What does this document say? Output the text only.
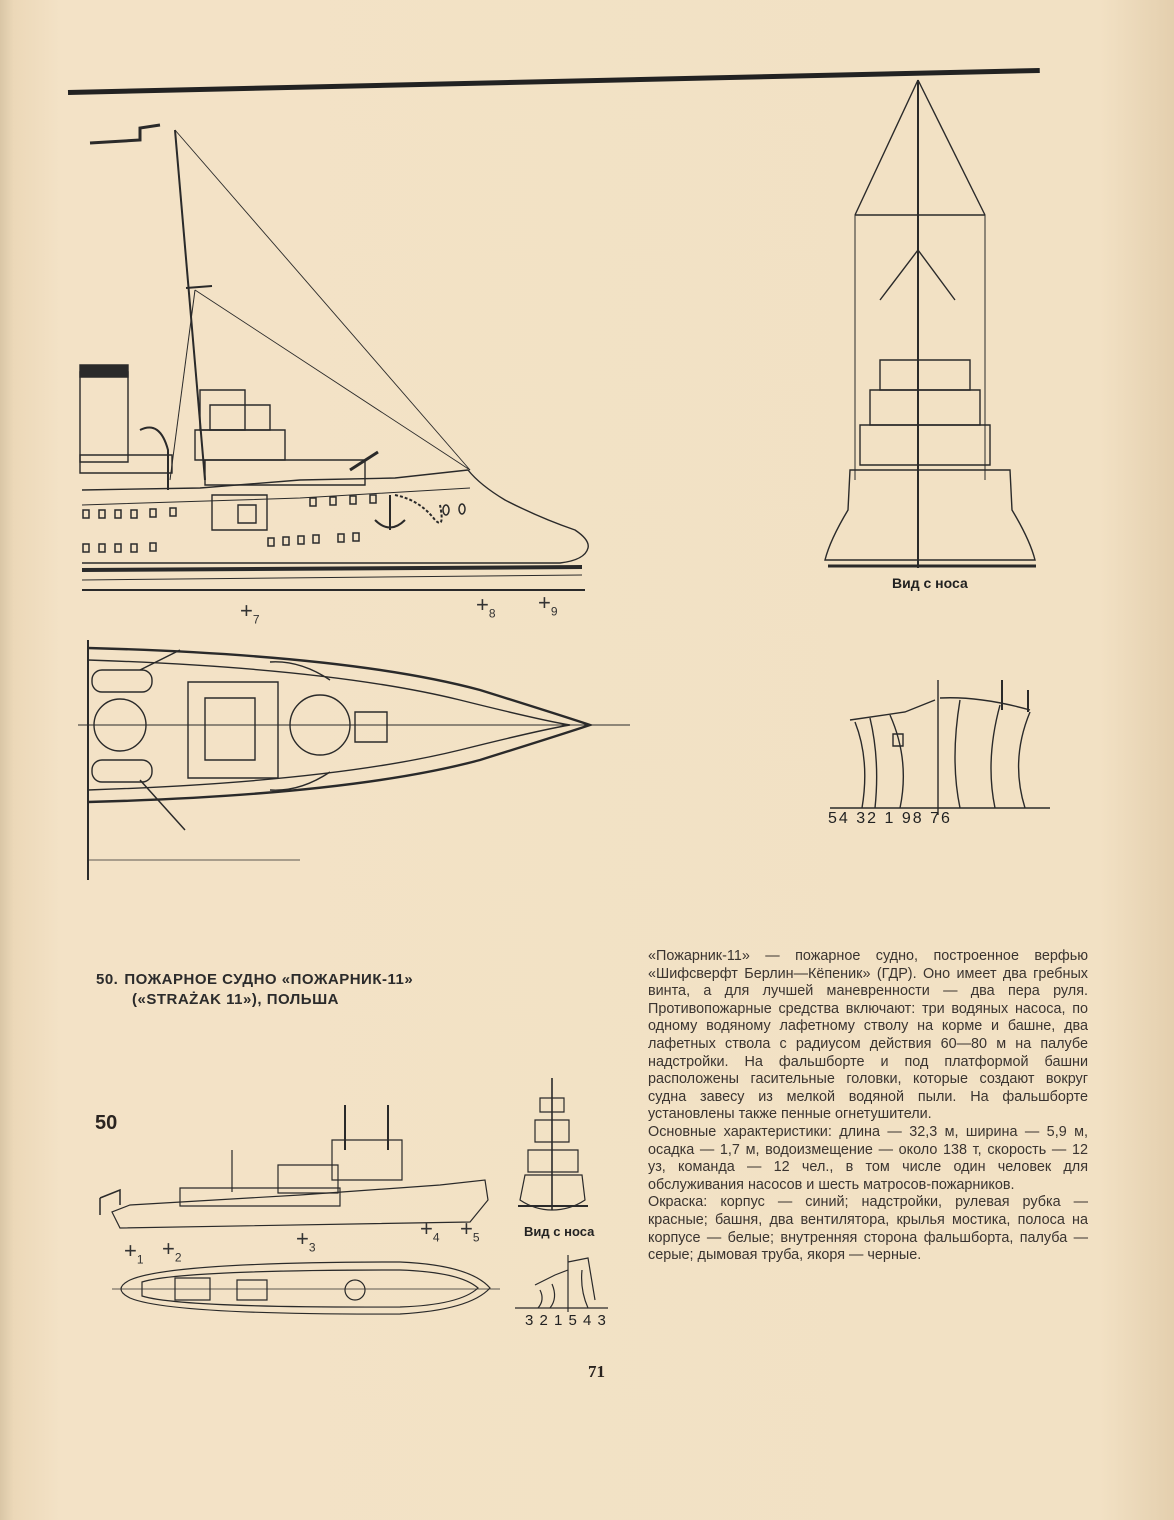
$+_7$
$+_8 +_9$
Вид с носа
54 32 1 98 76
50. ПОЖАРНОЕ СУДНО «ПОЖАРНИК-11»
(«STRAŻAK 11»), ПОЛЬША
50
$+_1 +_2$
$+_3$
$+_4 +_5$	Вид с носа
3 2 1 5 4 3

«Пожарник-11» — пожарное судно, построенное верфью «Шифсверфт Берлин—Кёпеник» (ГДР). Оно имеет два гребных винта, а для лучшей маневренности — два пера руля. Противопожарные средства включают: три водяных насоса, по одному водяному лафетному стволу на корме и башне, два лафетных ствола с радиусом действия 60—80 м на палубе надстройки. На фальшборте и под платформой башни расположены гасительные головки, которые создают вокруг судна завесу из мелкой водяной пыли. На фальшборте установлены также пенные огнетушители.

Основные характеристики: длина — 32,3 м, ширина — 5,9 м, осадка — 1,7 м, водоизмещение — около 138 т, скорость — 12 уз, команда — 12 чел., в том числе один человек для обслуживания насосов и шесть матросов-пожарников.

Окраска: корпус — синий; надстройки, рулевая рубка — красные; башня, два вентилятора, крылья мостика, полоса на корпусе — белые; внутренняя сторона фальшборта, палуба — серые; дымовая труба, якоря — черные.

71
